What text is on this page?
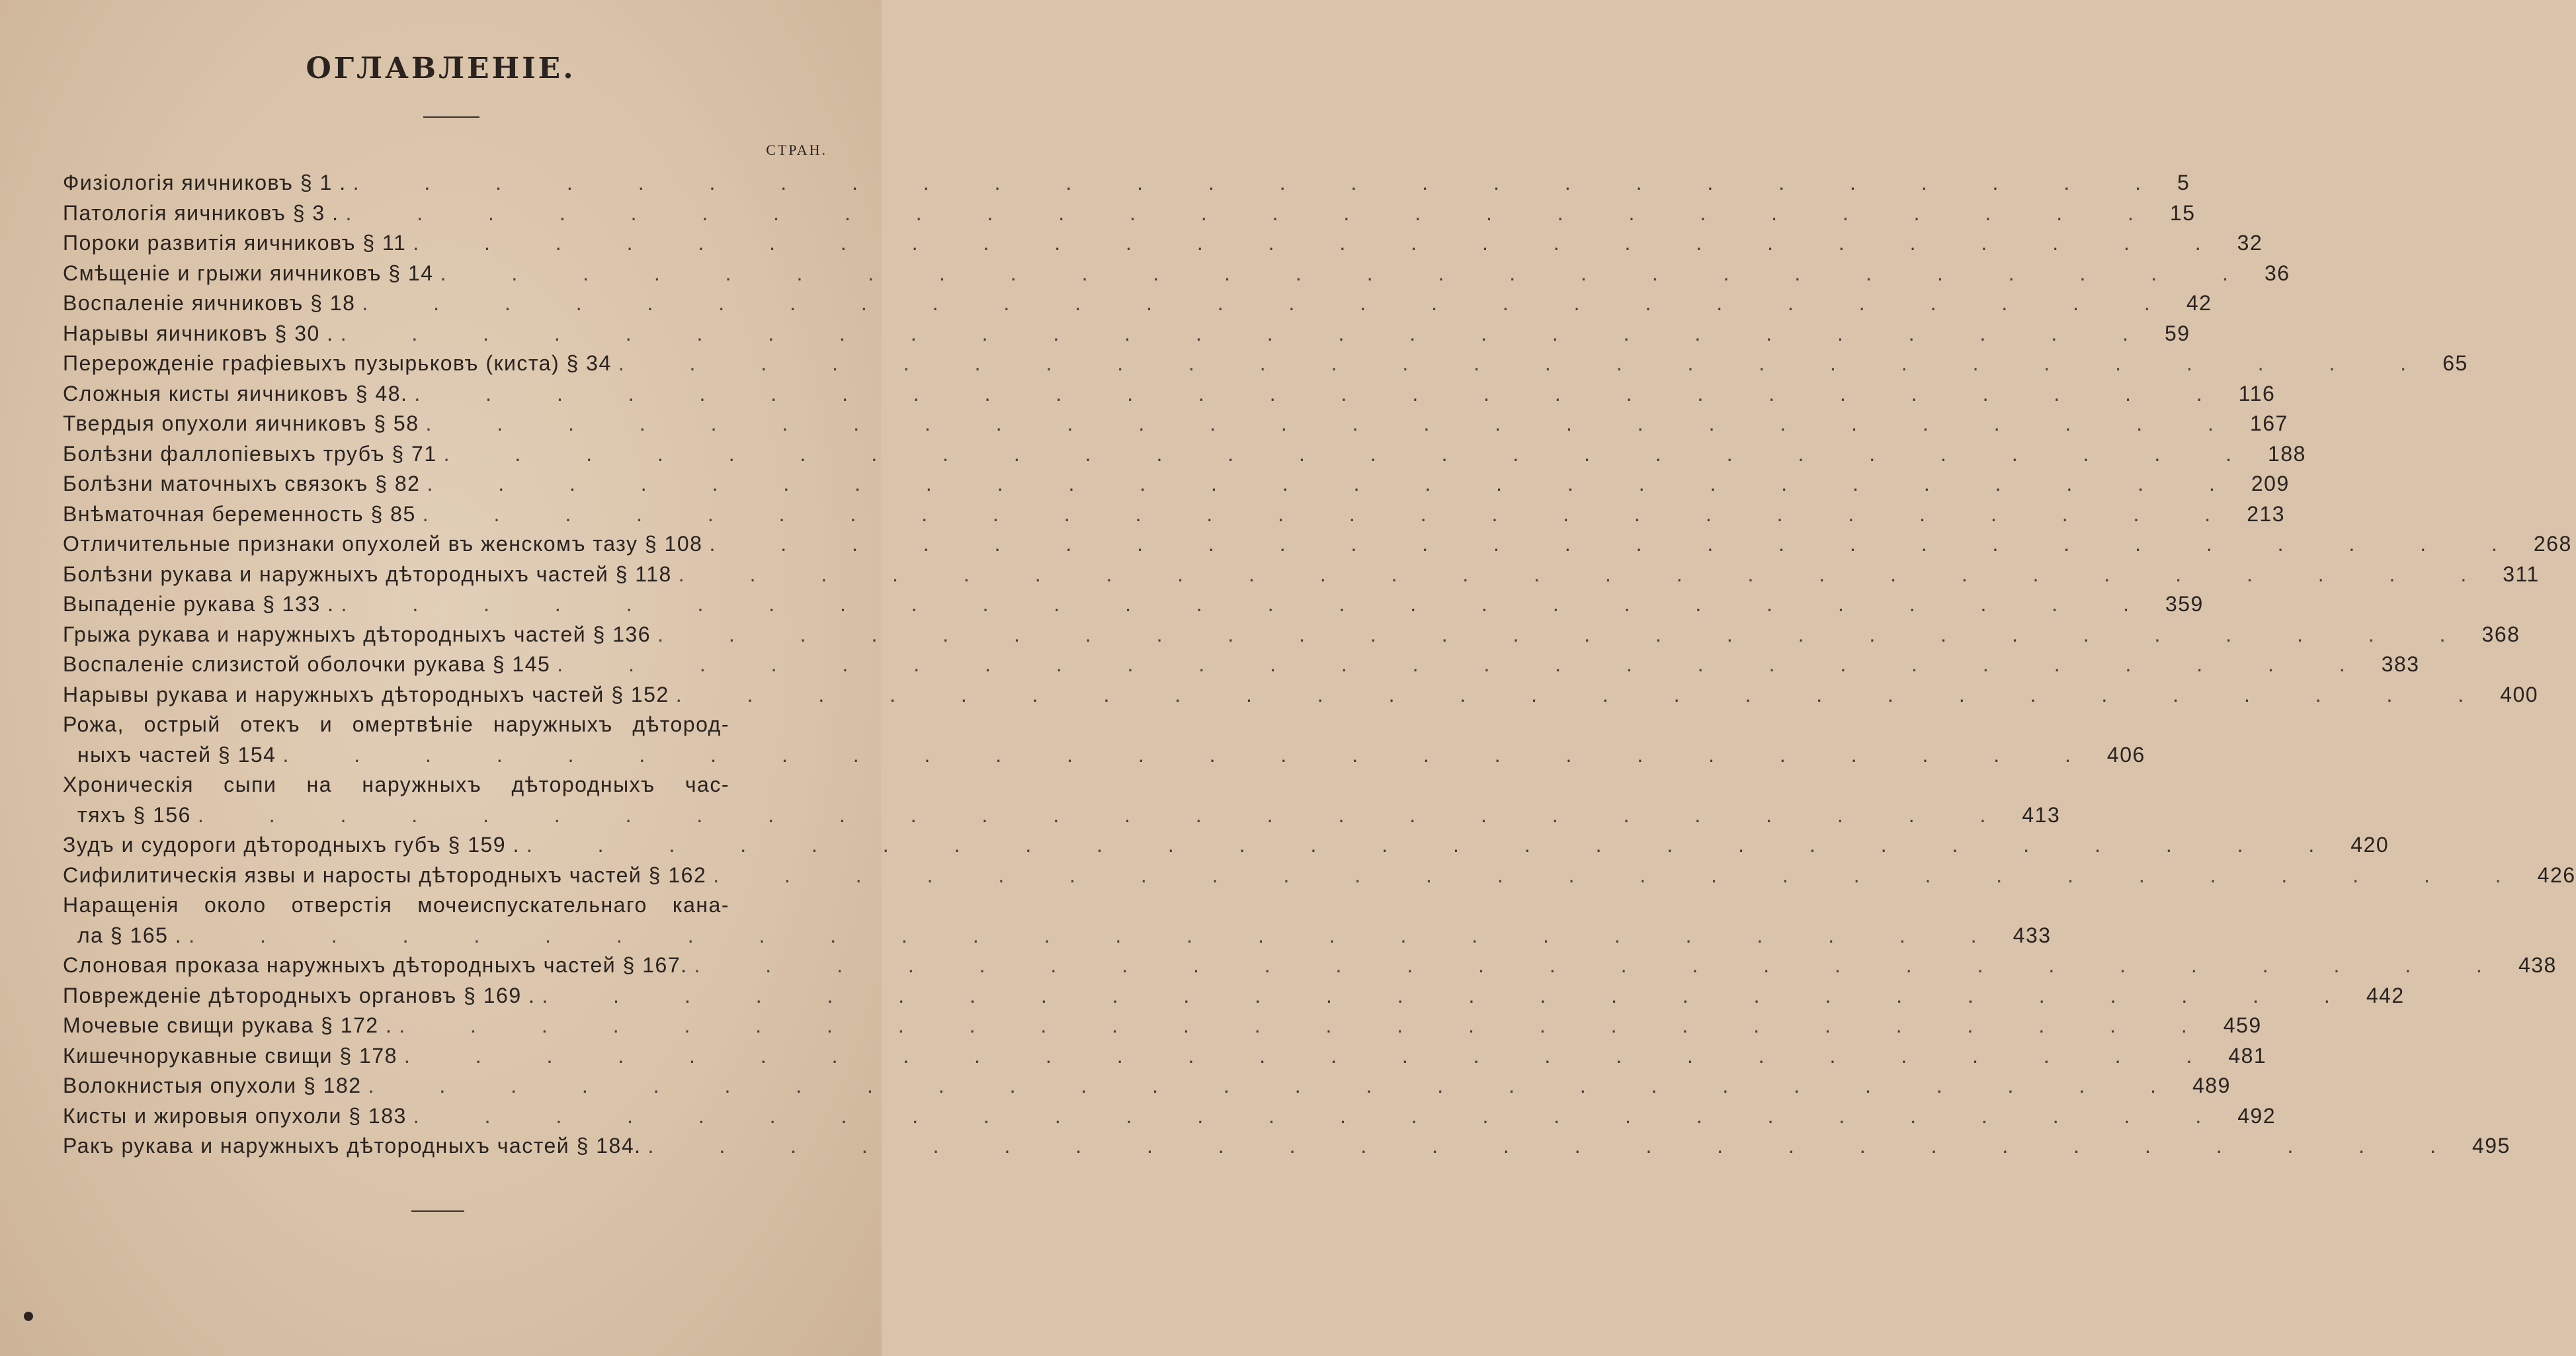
ОГЛАВЛЕНІЕ.
СТРАН.
Физіологія яичниковъ § 1 . . . . . . . . . . . . . . . . . . . . . . . . . . . 5
Патологія яичниковъ § 3 . . . . . . . . . . . . . . . . . . . . . . . . . . . 15
Пороки развитія яичниковъ § 11 . . . . . . . . . . . . . . . . . . . . . . . . . . 32
Смѣщеніе и грыжи яичниковъ § 14 . . . . . . . . . . . . . . . . . . . . . . . . . . 36
Воспаленіе яичниковъ § 18 . . . . . . . . . . . . . . . . . . . . . . . . . . 42
Нарывы яичниковъ § 30 . . . . . . . . . . . . . . . . . . . . . . . . . . . 59
Перерожденіе графіевыхъ пузырьковъ (киста) § 34 . . . . . . . . . . . . . . . . . . . . . . . . . . 65
Сложныя кисты яичниковъ § 48. . . . . . . . . . . . . . . . . . . . . . . . . . . 116
Твердыя опухоли яичниковъ § 58 . . . . . . . . . . . . . . . . . . . . . . . . . . 167
Болѣзни фаллопіевыхъ трубъ § 71 . . . . . . . . . . . . . . . . . . . . . . . . . . 188
Болѣзни маточныхъ связокъ § 82 . . . . . . . . . . . . . . . . . . . . . . . . . . 209
Внѣматочная беременность § 85 . . . . . . . . . . . . . . . . . . . . . . . . . . 213
Отличительные признаки опухолей въ женскомъ тазу § 108 . . . . . . . . . . . . . . . . . . . . . . . . . . 268
Болѣзни рукава и наружныхъ дѣтородныхъ частей § 118 . . . . . . . . . . . . . . . . . . . . . . . . . . 311
Выпаденіе рукава § 133 . . . . . . . . . . . . . . . . . . . . . . . . . . . 359
Грыжа рукава и наружныхъ дѣтородныхъ частей § 136 . . . . . . . . . . . . . . . . . . . . . . . . . . 368
Воспаленіе слизистой оболочки рукава § 145 . . . . . . . . . . . . . . . . . . . . . . . . . . 383
Нарывы рукава и наружныхъ дѣтородныхъ частей § 152 . . . . . . . . . . . . . . . . . . . . . . . . . . 400
Рожа, острый отекъ и омертвѣніе наружныхъ дѣтород-
ныхъ частей § 154 . . . . . . . . . . . . . . . . . . . . . . . . . . 406
Хроническія сыпи на наружныхъ дѣтородныхъ час-
тяхъ § 156 . . . . . . . . . . . . . . . . . . . . . . . . . . 413
Зудъ и судороги дѣтородныхъ губъ § 159 . . . . . . . . . . . . . . . . . . . . . . . . . . . 420
Сифилитическія язвы и наросты дѣтородныхъ частей § 162 . . . . . . . . . . . . . . . . . . . . . . . . . . 426
Наращенія около отверстія мочеиспускательнаго кана-
ла § 165 . . . . . . . . . . . . . . . . . . . . . . . . . . . 433
Слоновая проказа наружныхъ дѣтородныхъ частей § 167. . . . . . . . . . . . . . . . . . . . . . . . . . . 438
Поврежденіе дѣтородныхъ органовъ § 169 . . . . . . . . . . . . . . . . . . . . . . . . . . . 442
Мочевые свищи рукава § 172 . . . . . . . . . . . . . . . . . . . . . . . . . . . 459
Кишечнорукавные свищи § 178 . . . . . . . . . . . . . . . . . . . . . . . . . . 481
Волокнистыя опухоли § 182 . . . . . . . . . . . . . . . . . . . . . . . . . . 489
Кисты и жировыя опухоли § 183 . . . . . . . . . . . . . . . . . . . . . . . . . . 492
Ракъ рукава и наружныхъ дѣтородныхъ частей § 184. . . . . . . . . . . . . . . . . . . . . . . . . . . 495
